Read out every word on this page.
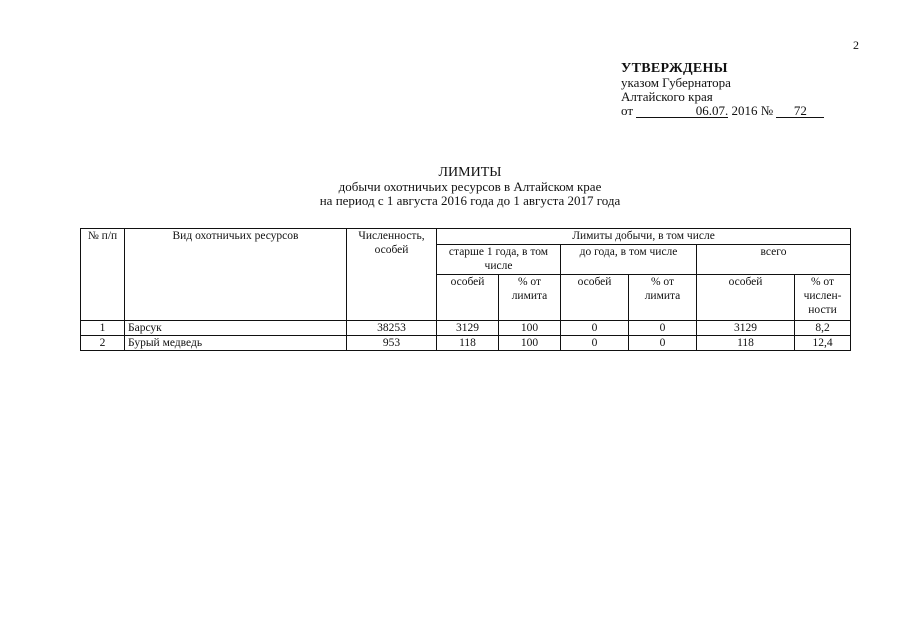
2
УТВЕРЖДЕНЫ
указом Губернатора
Алтайского края
от	06.07. 2016 № 72
ЛИМИТЫ
добычи охотничьих ресурсов в Алтайском крае
на период с 1 августа 2016 года до 1 августа 2017 года
№ п/п	Вид охотничьих ресурсов	Численность, особей	Лимиты добычи, в том числе					
			старше 1 года, в том числе		до года, в том числе		всего	
			особей	% от лимита	особей	% от лимита	особей	% от числен-ности
1	Барсук	38253	3129	100	0	0	3129	8,2
2	Бурый медведь	953	118	100	0	0	118	12,4
